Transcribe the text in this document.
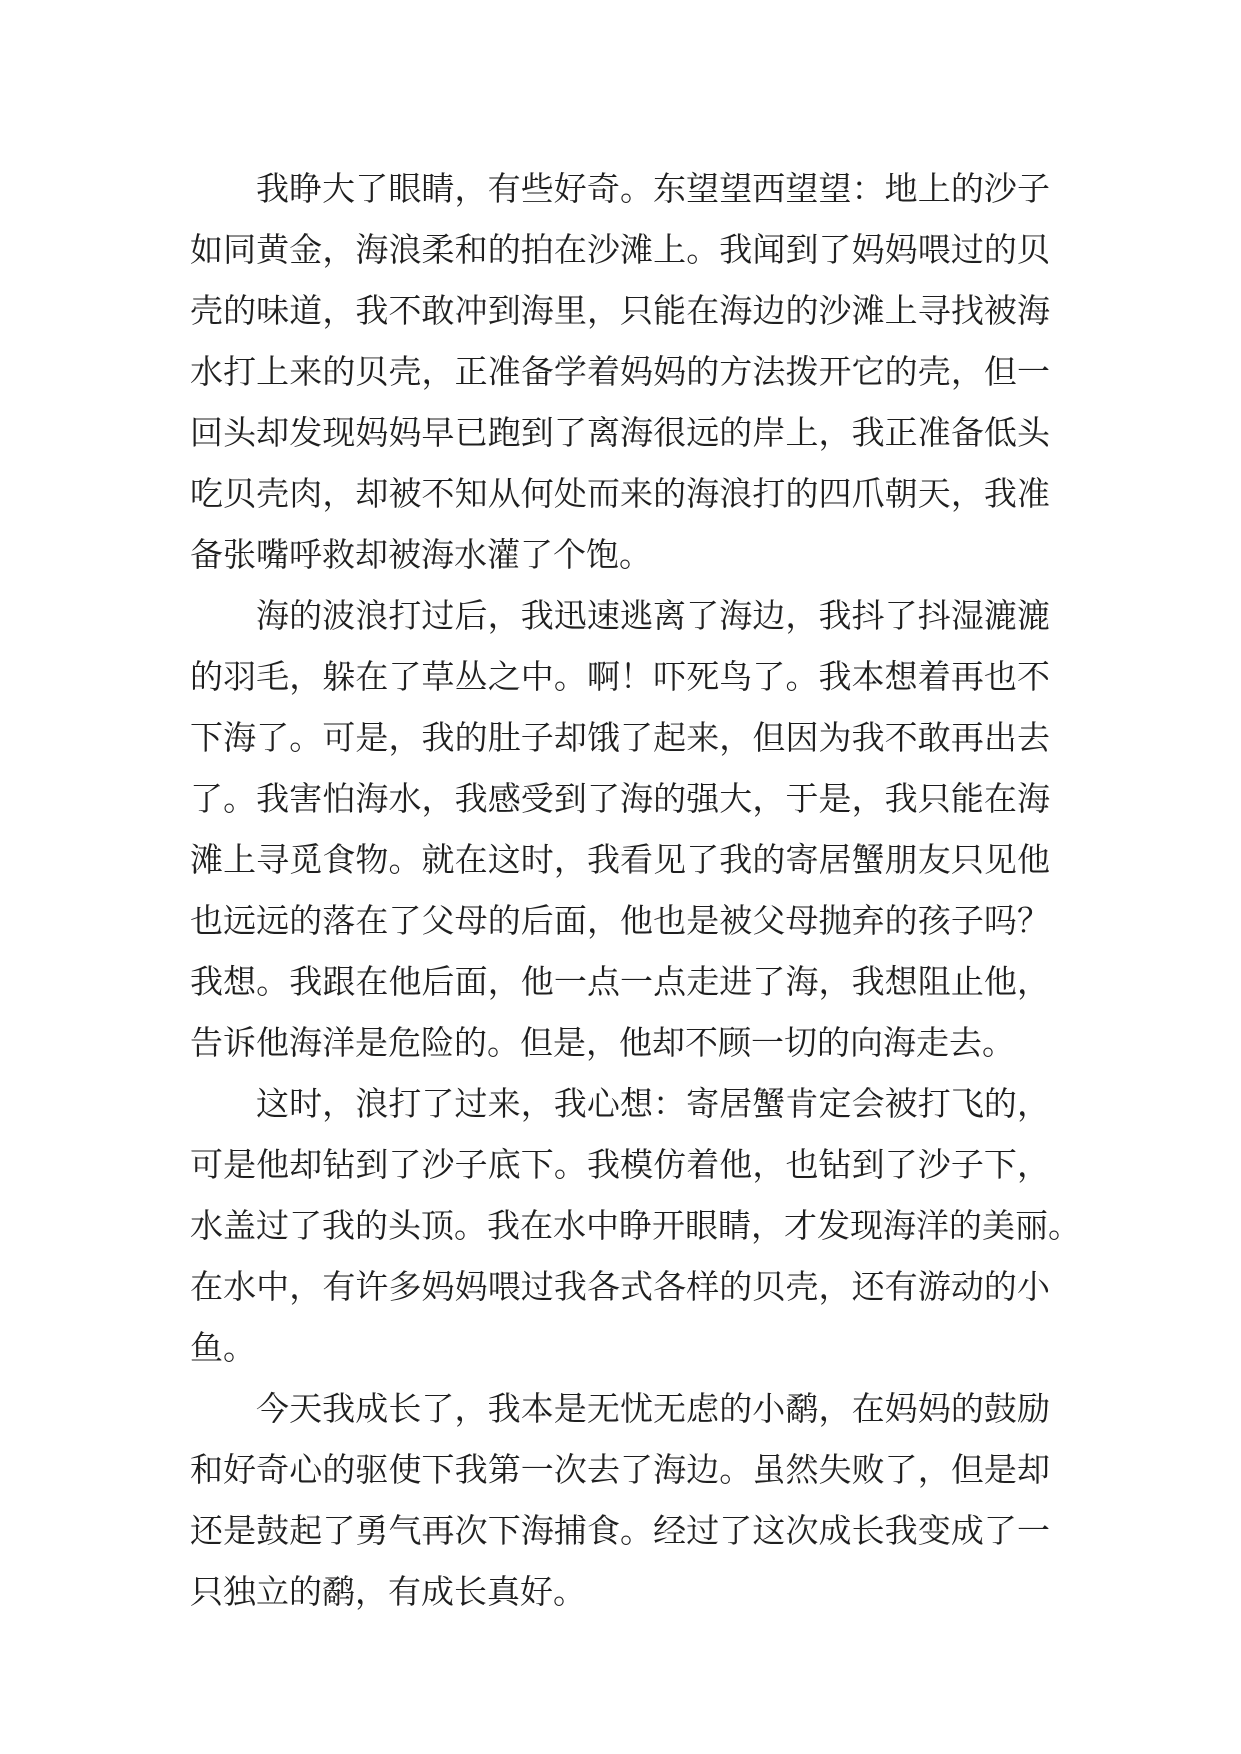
我睁大了眼睛，有些好奇。东望望西望望：地上的沙子
如同黄金，海浪柔和的拍在沙滩上。我闻到了妈妈喂过的贝
壳的味道，我不敢冲到海里，只能在海边的沙滩上寻找被海
水打上来的贝壳，正准备学着妈妈的方法拨开它的壳，但一
回头却发现妈妈早已跑到了离海很远的岸上，我正准备低头
吃贝壳肉，却被不知从何处而来的海浪打的四爪朝天，我准
备张嘴呼救却被海水灌了个饱。
海的波浪打过后，我迅速逃离了海边，我抖了抖湿漉漉
的羽毛，躲在了草丛之中。啊！吓死鸟了。我本想着再也不
下海了。可是，我的肚子却饿了起来，但因为我不敢再出去
了。我害怕海水，我感受到了海的强大，于是，我只能在海
滩上寻觅食物。就在这时，我看见了我的寄居蟹朋友只见他
也远远的落在了父母的后面，他也是被父母抛弃的孩子吗？
我想。我跟在他后面，他一点一点走进了海，我想阻止他，
告诉他海洋是危险的。但是，他却不顾一切的向海走去。
这时，浪打了过来，我心想：寄居蟹肯定会被打飞的，
可是他却钻到了沙子底下。我模仿着他，也钻到了沙子下，
水盖过了我的头顶。我在水中睁开眼睛，才发现海洋的美丽。
在水中，有许多妈妈喂过我各式各样的贝壳，还有游动的小
鱼。
今天我成长了，我本是无忧无虑的小鹬，在妈妈的鼓励
和好奇心的驱使下我第一次去了海边。虽然失败了，但是却
还是鼓起了勇气再次下海捕食。经过了这次成长我变成了一
只独立的鹬，有成长真好。
